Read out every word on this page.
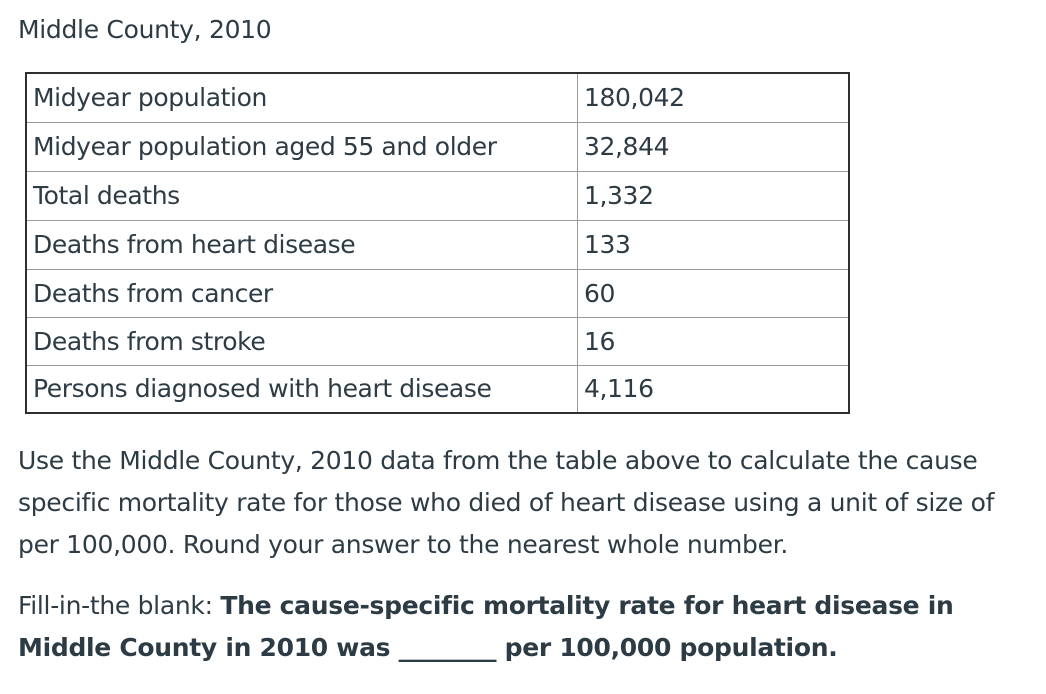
Middle County, 2010
Midyear population	180,042
Midyear population aged 55 and older	32,844
Total deaths	1,332
Deaths from heart disease	133
Deaths from cancer	60
Deaths from stroke	16
Persons diagnosed with heart disease	4,116

Use the Middle County, 2010 data from the table above to calculate the cause specific mortality rate for those who died of heart disease using a unit of size of per 100,000. Round your answer to the nearest whole number.

Fill-in-the blank: The cause-specific mortality rate for heart disease in Middle County in 2010 was ________ per 100,000 population.
